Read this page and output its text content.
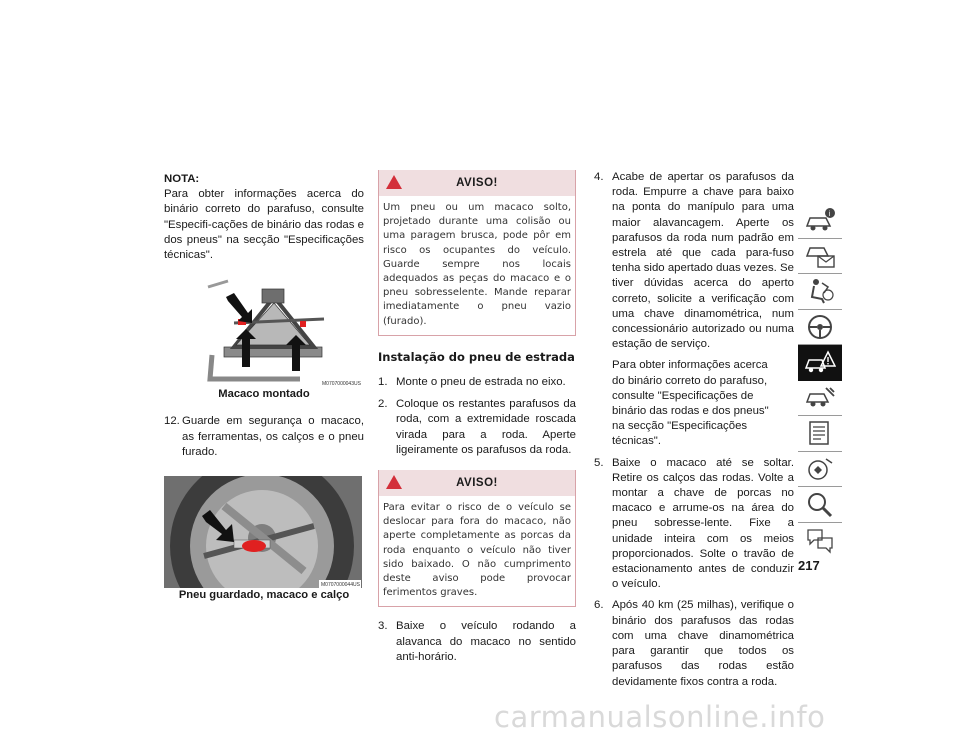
NOTA:
Para obter informações acerca do binário correto do parafuso, consulte "Especifi-cações de binário das rodas e dos pneus" na secção "Especificações técnicas".
M0707000043US
Macaco montado
12. Guarde em segurança o macaco, as ferramentas, os calços e o pneu furado.
M0707000044US
Pneu guardado, macaco e calço
AVISO!
Um pneu ou um macaco solto, projetado durante uma colisão ou uma paragem brusca, pode pôr em risco os ocupantes do veículo. Guarde sempre nos locais adequados as peças do macaco e o pneu sobresselente. Mande reparar imediatamente o pneu vazio (furado).
Instalação do pneu de estrada
1. Monte o pneu de estrada no eixo.
2. Coloque os restantes parafusos da roda, com a extremidade roscada virada para a roda. Aperte ligeiramente os parafusos da roda.
AVISO!
Para evitar o risco de o veículo se deslocar para fora do macaco, não aperte completamente as porcas da roda enquanto o veículo não tiver sido baixado. O não cumprimento deste aviso pode provocar ferimentos graves.
3. Baixe o veículo rodando a alavanca do macaco no sentido anti-horário.
4. Acabe de apertar os parafusos da roda. Empurre a chave para baixo na ponta do manípulo para uma maior alavancagem. Aperte os parafusos da roda num padrão em estrela até que cada para-fuso tenha sido apertado duas vezes. Se tiver dúvidas acerca do aperto correto, solicite a verificação com uma chave dinamométrica, num concessionário autorizado ou numa estação de serviço.
Para obter informações acerca do binário correto do parafuso, consulte "Especificações de binário das rodas e dos pneus" na secção "Especificações técnicas".
5. Baixe o macaco até se soltar. Retire os calços das rodas. Volte a montar a chave de porcas no macaco e arrume-os na área do pneu sobresse-lente. Fixe a unidade inteira com os meios proporcionados. Solte o travão de estacionamento antes de conduzir o veículo.
6. Após 40 km (25 milhas), verifique o binário dos parafusos das rodas com uma chave dinamométrica para garantir que todos os parafusos das rodas estão devidamente fixos contra a roda.
i
217
carmanualsonline.info
